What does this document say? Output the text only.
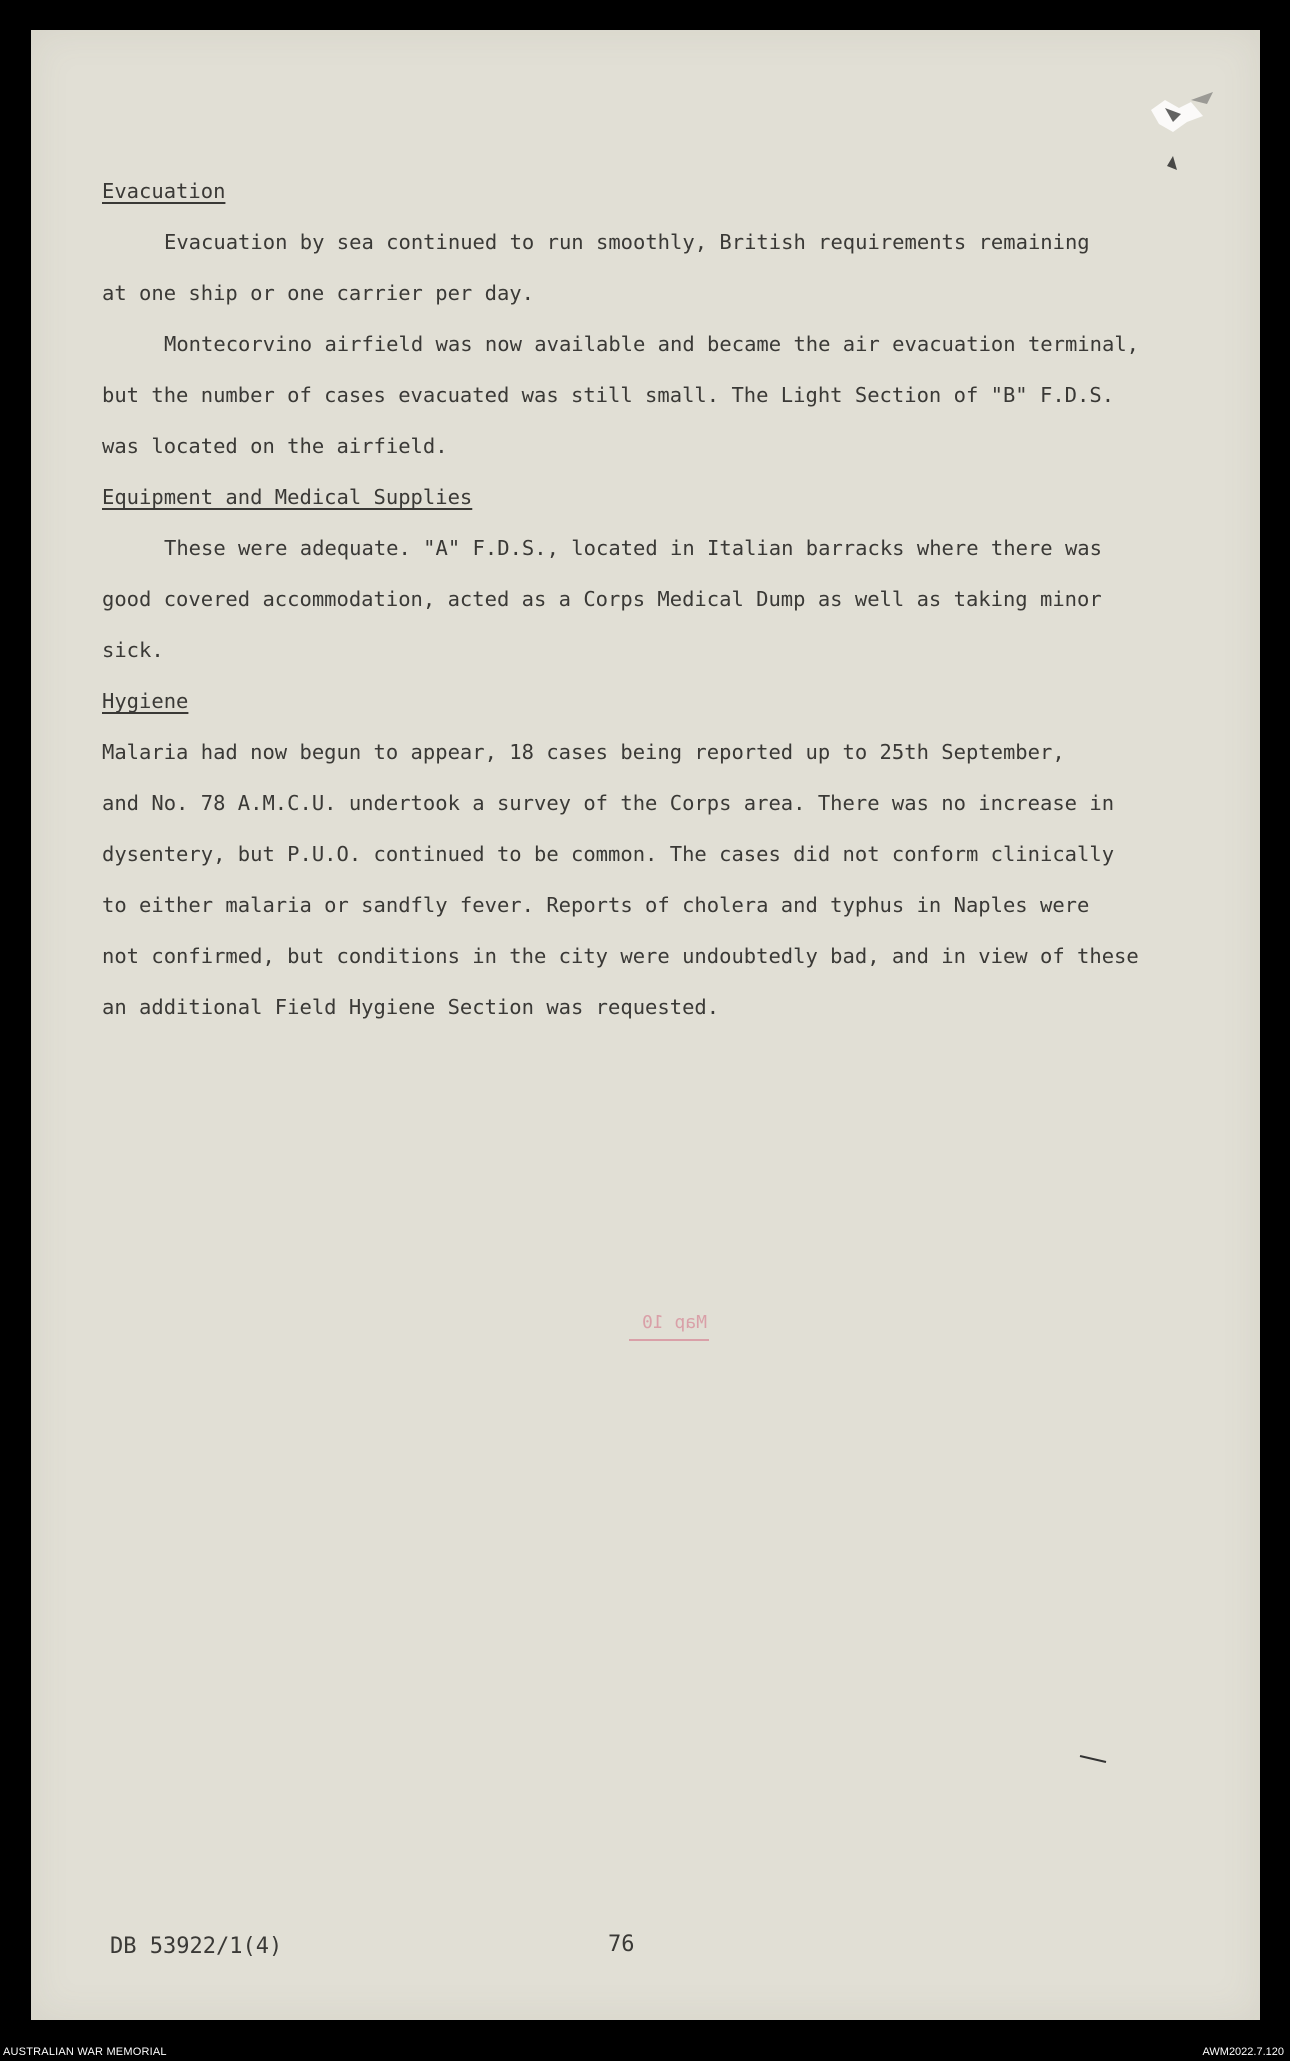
Map 10
Evacuation

Evacuation by sea continued to run smoothly, British requirements remaining
at one ship or one carrier per day.

Montecorvino airfield was now available and became the air evacuation terminal,
but the number of cases evacuated was still small. The Light Section of "B" F.D.S.
was located on the airfield.

Equipment and Medical Supplies

These were adequate. "A" F.D.S., located in Italian barracks where there was
good covered accommodation, acted as a Corps Medical Dump as well as taking minor
sick.

Hygiene

Malaria had now begun to appear, 18 cases being reported up to 25th September,
and No. 78 A.M.C.U. undertook a survey of the Corps area. There was no increase in
dysentery, but P.U.O. continued to be common. The cases did not conform clinically
to either malaria or sandfly fever. Reports of cholera and typhus in Naples were
not confirmed, but conditions in the city were undoubtedly bad, and in view of these
an additional Field Hygiene Section was requested.

DB 53922/1(4)	76
AUSTRALIAN WAR MEMORIAL	AWM2022.7.120
